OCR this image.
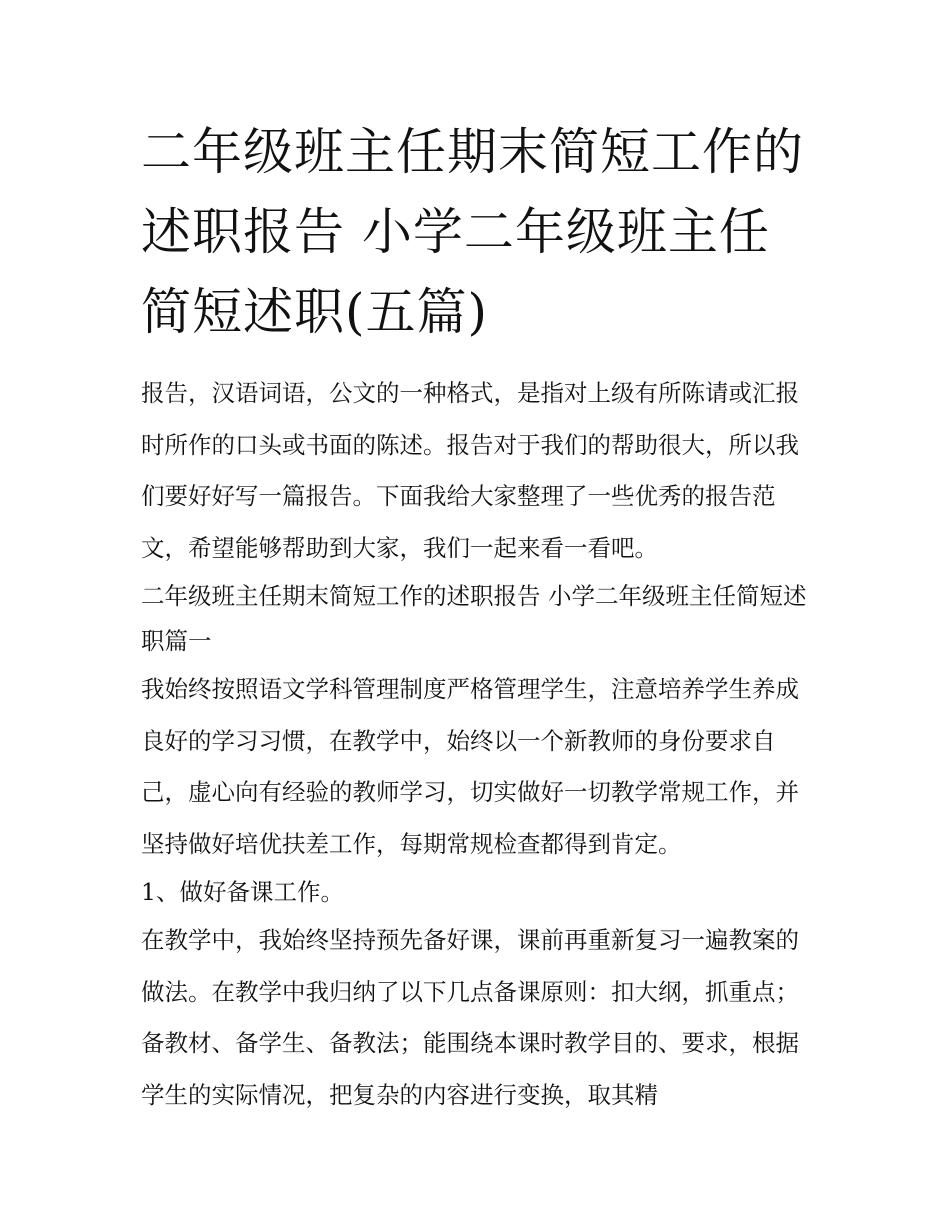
二年级班主任期末简短工作的述职报告 小学二年级班主任简短述职(五篇)

报告，汉语词语，公文的一种格式，是指对上级有所陈请或汇报时所作的口头或书面的陈述。报告对于我们的帮助很大，所以我们要好好写一篇报告。下面我给大家整理了一些优秀的报告范文，希望能够帮助到大家，我们一起来看一看吧。

二年级班主任期末简短工作的述职报告 小学二年级班主任简短述职篇一

我始终按照语文学科管理制度严格管理学生，注意培养学生养成良好的学习习惯，在教学中，始终以一个新教师的身份要求自己，虚心向有经验的教师学习，切实做好一切教学常规工作，并坚持做好培优扶差工作，每期常规检查都得到肯定。

1、做好备课工作。

在教学中，我始终坚持预先备好课，课前再重新复习一遍教案的做法。在教学中我归纳了以下几点备课原则：扣大纲，抓重点；备教材、备学生、备教法；能围绕本课时教学目的、要求，根据学生的实际情况，把复杂的内容进行变换，取其精
